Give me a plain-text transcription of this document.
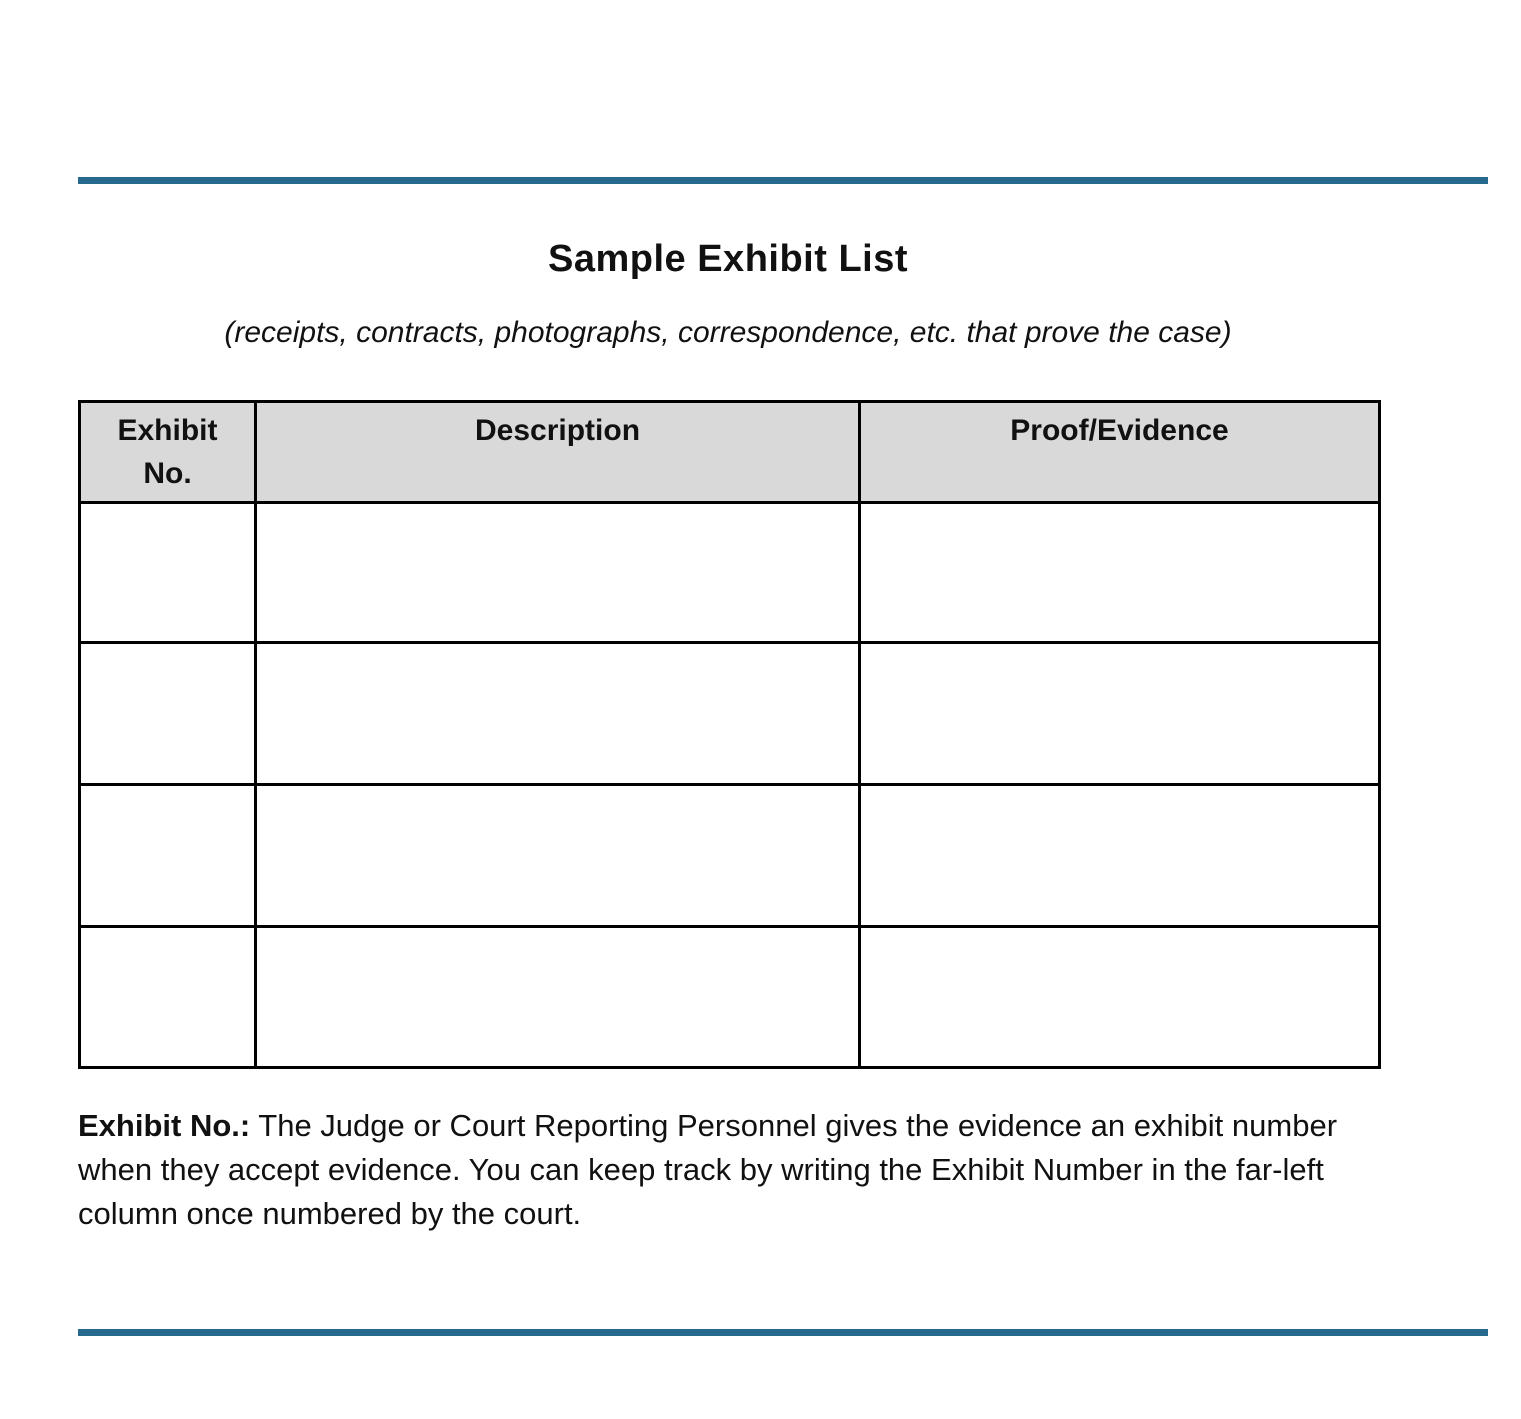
Sample Exhibit List
(receipts, contracts, photographs, correspondence, etc. that prove the case)
Exhibit No.	Description	Proof/Evidence

Exhibit No.: The Judge or Court Reporting Personnel gives the evidence an exhibit number
when they accept evidence. You can keep track by writing the Exhibit Number in the far-left
column once numbered by the court.
